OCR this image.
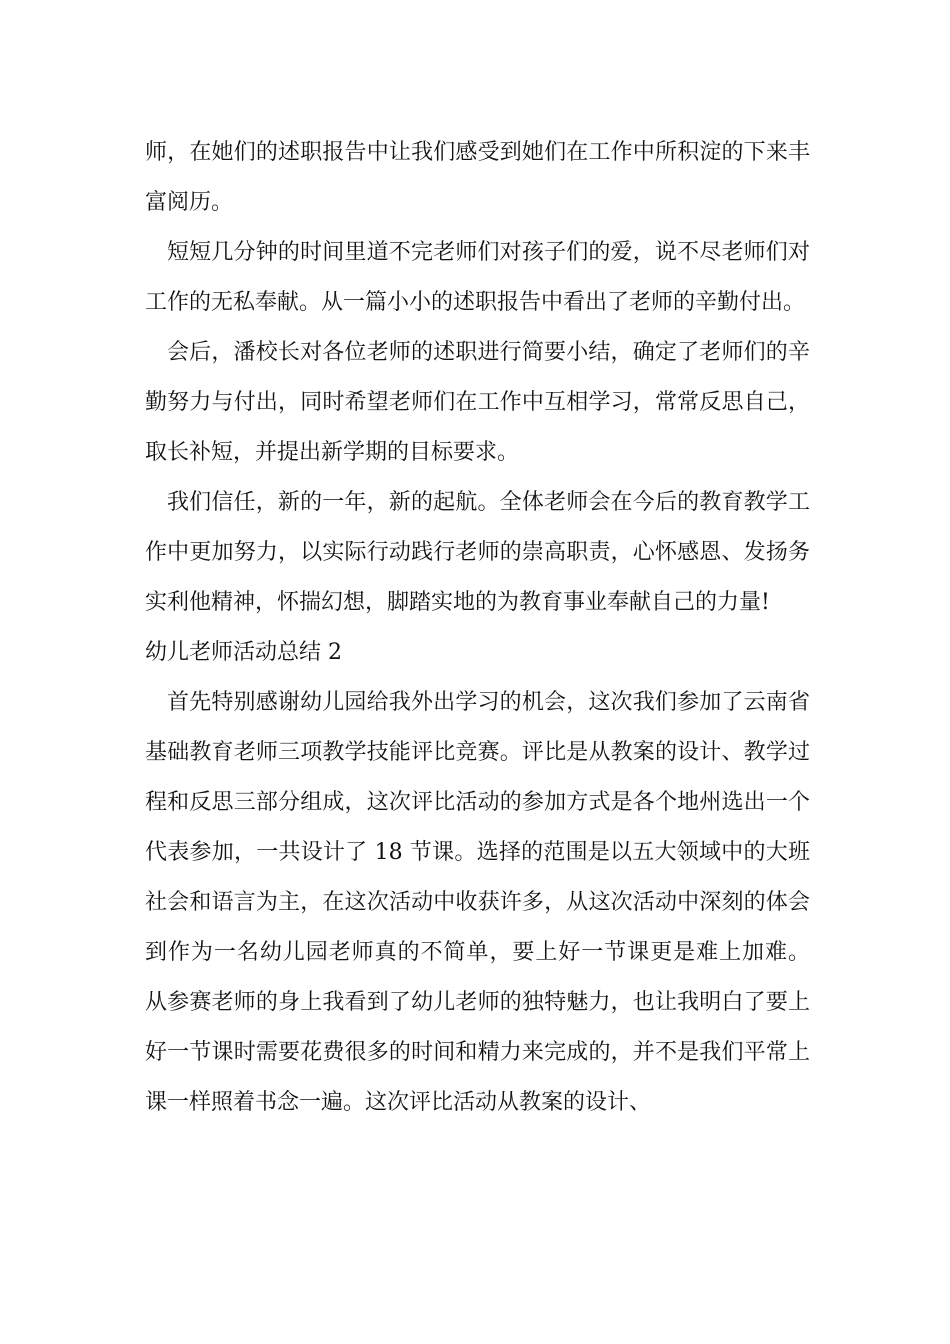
师，在她们的述职报告中让我们感受到她们在工作中所积淀的下来丰富阅历。

短短几分钟的时间里道不完老师们对孩子们的爱，说不尽老师们对工作的无私奉献。从一篇小小的述职报告中看出了老师的辛勤付出。

会后，潘校长对各位老师的述职进行简要小结，确定了老师们的辛勤努力与付出，同时希望老师们在工作中互相学习，常常反思自己，取长补短，并提出新学期的目标要求。

我们信任，新的一年，新的起航。全体老师会在今后的教育教学工作中更加努力，以实际行动践行老师的崇高职责，心怀感恩、发扬务实利他精神，怀揣幻想，脚踏实地的为教育事业奉献自己的力量!

幼儿老师活动总结 2

首先特别感谢幼儿园给我外出学习的机会，这次我们参加了云南省基础教育老师三项教学技能评比竞赛。评比是从教案的设计、教学过程和反思三部分组成，这次评比活动的参加方式是各个地州选出一个代表参加，一共设计了 18 节课。选择的范围是以五大领域中的大班社会和语言为主，在这次活动中收获许多，从这次活动中深刻的体会到作为一名幼儿园老师真的不简单，要上好一节课更是难上加难。 从参赛老师的身上我看到了幼儿老师的独特魅力，也让我明白了要上好一节课时需要花费很多的时间和精力来完成的，并不是我们平常上课一样照着书念一遍。这次评比活动从教案的设计、
